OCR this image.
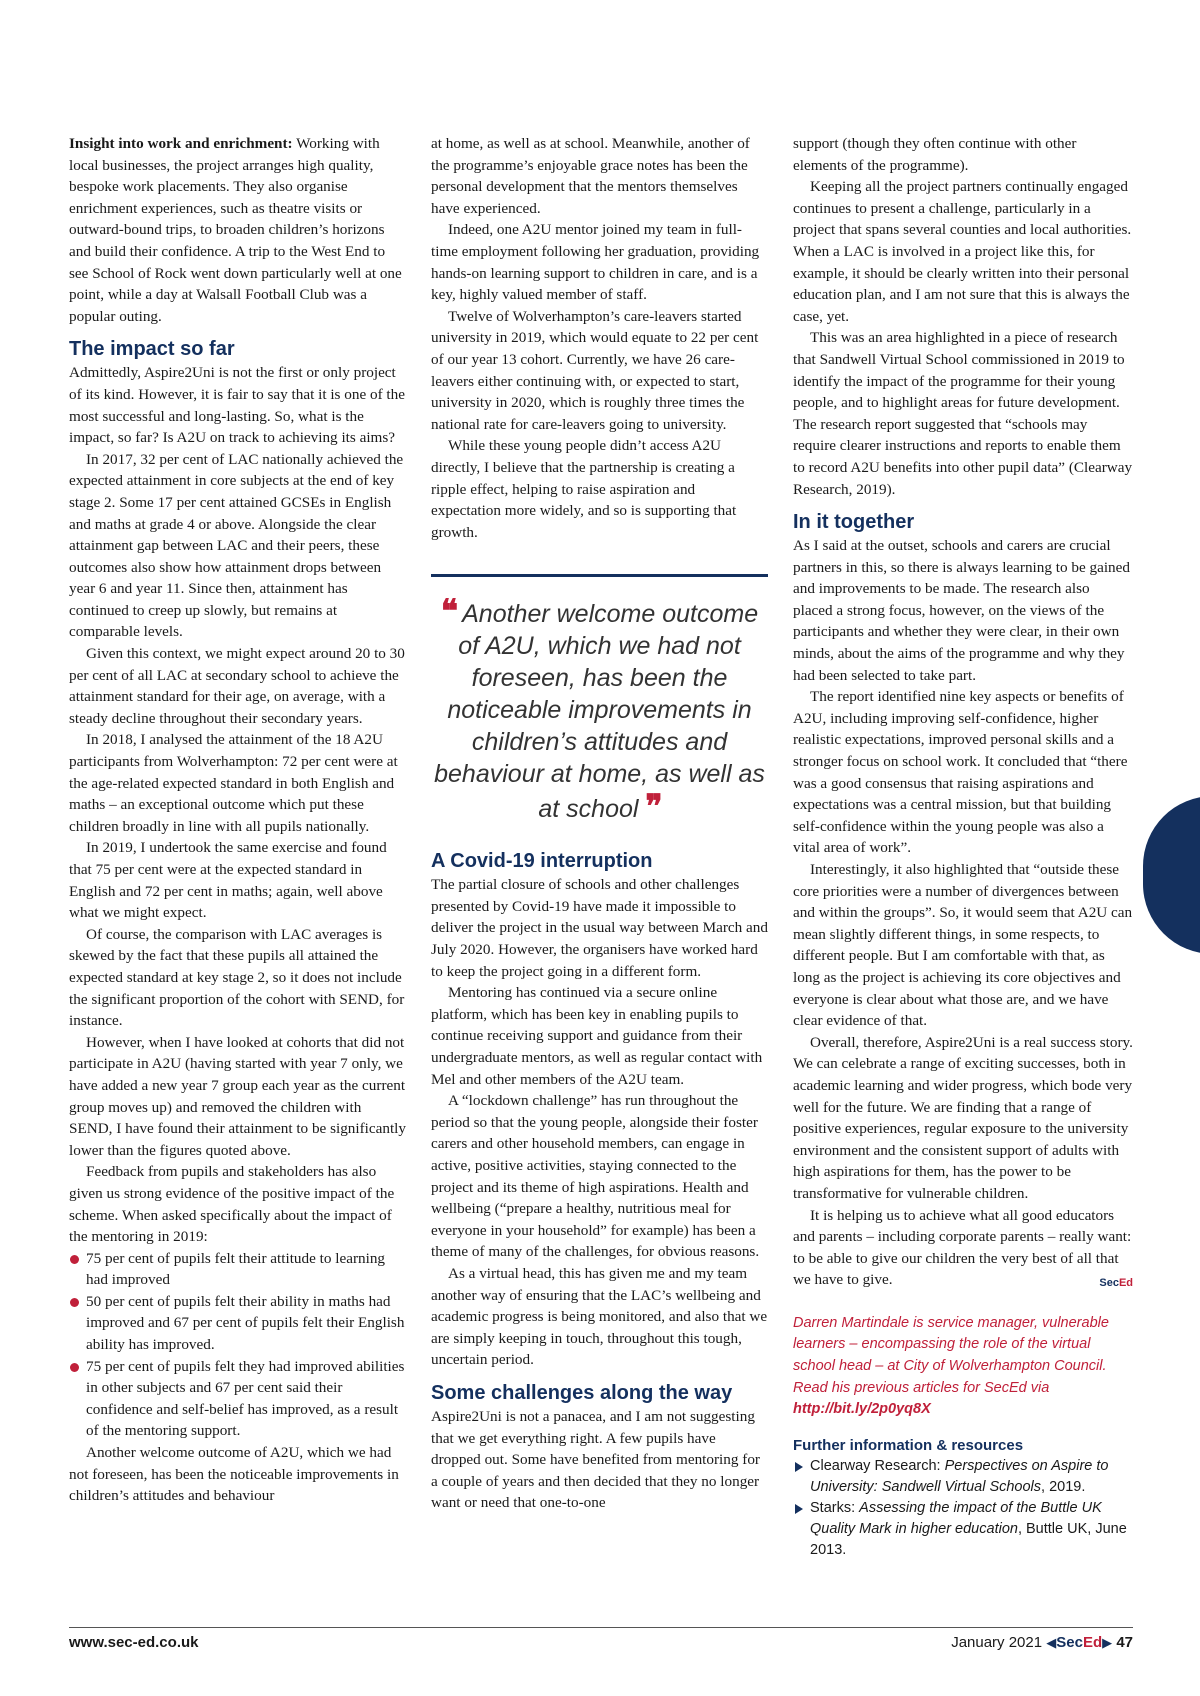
Insight into work and enrichment: Working with local businesses, the project arranges high quality, bespoke work placements. They also organise enrichment experiences, such as theatre visits or outward-bound trips, to broaden children’s horizons and build their confidence. A trip to the West End to see School of Rock went down particularly well at one point, while a day at Walsall Football Club was a popular outing.

The impact so far

Admittedly, Aspire2Uni is not the first or only project of its kind. However, it is fair to say that it is one of the most successful and long-lasting. So, what is the impact, so far? Is A2U on track to achieving its aims?

In 2017, 32 per cent of LAC nationally achieved the expected attainment in core subjects at the end of key stage 2. Some 17 per cent attained GCSEs in English and maths at grade 4 or above. Alongside the clear attainment gap between LAC and their peers, these outcomes also show how attainment drops between year 6 and year 11. Since then, attainment has continued to creep up slowly, but remains at comparable levels.

Given this context, we might expect around 20 to 30 per cent of all LAC at secondary school to achieve the attainment standard for their age, on average, with a steady decline throughout their secondary years.

In 2018, I analysed the attainment of the 18 A2U participants from Wolverhampton: 72 per cent were at the age-related expected standard in both English and maths – an exceptional outcome which put these children broadly in line with all pupils nationally.

In 2019, I undertook the same exercise and found that 75 per cent were at the expected standard in English and 72 per cent in maths; again, well above what we might expect.

Of course, the comparison with LAC averages is skewed by the fact that these pupils all attained the expected standard at key stage 2, so it does not include the significant proportion of the cohort with SEND, for instance.

However, when I have looked at cohorts that did not participate in A2U (having started with year 7 only, we have added a new year 7 group each year as the current group moves up) and removed the children with SEND, I have found their attainment to be significantly lower than the figures quoted above.

Feedback from pupils and stakeholders has also given us strong evidence of the positive impact of the scheme. When asked specifically about the impact of the mentoring in 2019:

75 per cent of pupils felt their attitude to learning had improved
50 per cent of pupils felt their ability in maths had improved and 67 per cent of pupils felt their English ability has improved.
75 per cent of pupils felt they had improved abilities in other subjects and 67 per cent said their confidence and self-belief has improved, as a result of the mentoring support.

Another welcome outcome of A2U, which we had not foreseen, has been the noticeable improvements in children’s attitudes and behaviour

at home, as well as at school. Meanwhile, another of the programme’s enjoyable grace notes has been the personal development that the mentors themselves have experienced.

Indeed, one A2U mentor joined my team in full-time employment following her graduation, providing hands-on learning support to children in care, and is a key, highly valued member of staff.

Twelve of Wolverhampton’s care-leavers started university in 2019, which would equate to 22 per cent of our year 13 cohort. Currently, we have 26 care-leavers either continuing with, or expected to start, university in 2020, which is roughly three times the national rate for care-leavers going to university.

While these young people didn’t access A2U directly, I believe that the partnership is creating a ripple effect, helping to raise aspiration and expectation more widely, and so is supporting that growth.

❝ Another welcome outcome of A2U, which we had not foreseen, has been the noticeable improvements in children’s attitudes and behaviour at home, as well as at school ❞
A Covid-19 interruption

The partial closure of schools and other challenges presented by Covid-19 have made it impossible to deliver the project in the usual way between March and July 2020. However, the organisers have worked hard to keep the project going in a different form.

Mentoring has continued via a secure online platform, which has been key in enabling pupils to continue receiving support and guidance from their undergraduate mentors, as well as regular contact with Mel and other members of the A2U team.

A “lockdown challenge” has run throughout the period so that the young people, alongside their foster carers and other household members, can engage in active, positive activities, staying connected to the project and its theme of high aspirations. Health and wellbeing (“prepare a healthy, nutritious meal for everyone in your household” for example) has been a theme of many of the challenges, for obvious reasons.

As a virtual head, this has given me and my team another way of ensuring that the LAC’s wellbeing and academic progress is being monitored, and also that we are simply keeping in touch, throughout this tough, uncertain period.

Some challenges along the way

Aspire2Uni is not a panacea, and I am not suggesting that we get everything right. A few pupils have dropped out. Some have benefited from mentoring for a couple of years and then decided that they no longer want or need that one-to-one

support (though they often continue with other elements of the programme).

Keeping all the project partners continually engaged continues to present a challenge, particularly in a project that spans several counties and local authorities. When a LAC is involved in a project like this, for example, it should be clearly written into their personal education plan, and I am not sure that this is always the case, yet.

This was an area highlighted in a piece of research that Sandwell Virtual School commissioned in 2019 to identify the impact of the programme for their young people, and to highlight areas for future development. The research report suggested that “schools may require clearer instructions and reports to enable them to record A2U benefits into other pupil data” (Clearway Research, 2019).

In it together

As I said at the outset, schools and carers are crucial partners in this, so there is always learning to be gained and improvements to be made. The research also placed a strong focus, however, on the views of the participants and whether they were clear, in their own minds, about the aims of the programme and why they had been selected to take part.

The report identified nine key aspects or benefits of A2U, including improving self-confidence, higher realistic expectations, improved personal skills and a stronger focus on school work. It concluded that “there was a good consensus that raising aspirations and expectations was a central mission, but that building self-confidence within the young people was also a vital area of work”.

Interestingly, it also highlighted that “outside these core priorities were a number of divergences between and within the groups”. So, it would seem that A2U can mean slightly different things, in some respects, to different people. But I am comfortable with that, as long as the project is achieving its core objectives and everyone is clear about what those are, and we have clear evidence of that.

Overall, therefore, Aspire2Uni is a real success story. We can celebrate a range of exciting successes, both in academic learning and wider progress, which bode very well for the future. We are finding that a range of positive experiences, regular exposure to the university environment and the consistent support of adults with high aspirations for them, has the power to be transformative for vulnerable children.

It is helping us to achieve what all good educators and parents – including corporate parents – really want: to be able to give our children the very best of all that we have to give.	SecEd

Darren Martindale is service manager, vulnerable learners – encompassing the role of the virtual school head – at City of Wolverhampton Council. Read his previous articles for SecEd via http://bit.ly/2p0yq8X
Further information & resources
Clearway Research: Perspectives on Aspire to University: Sandwell Virtual Schools, 2019.
Starks: Assessing the impact of the Buttle UK Quality Mark in higher education, Buttle UK, June 2013.
www.sec-ed.co.uk	January 2021 ◀SecEd▶ 47
